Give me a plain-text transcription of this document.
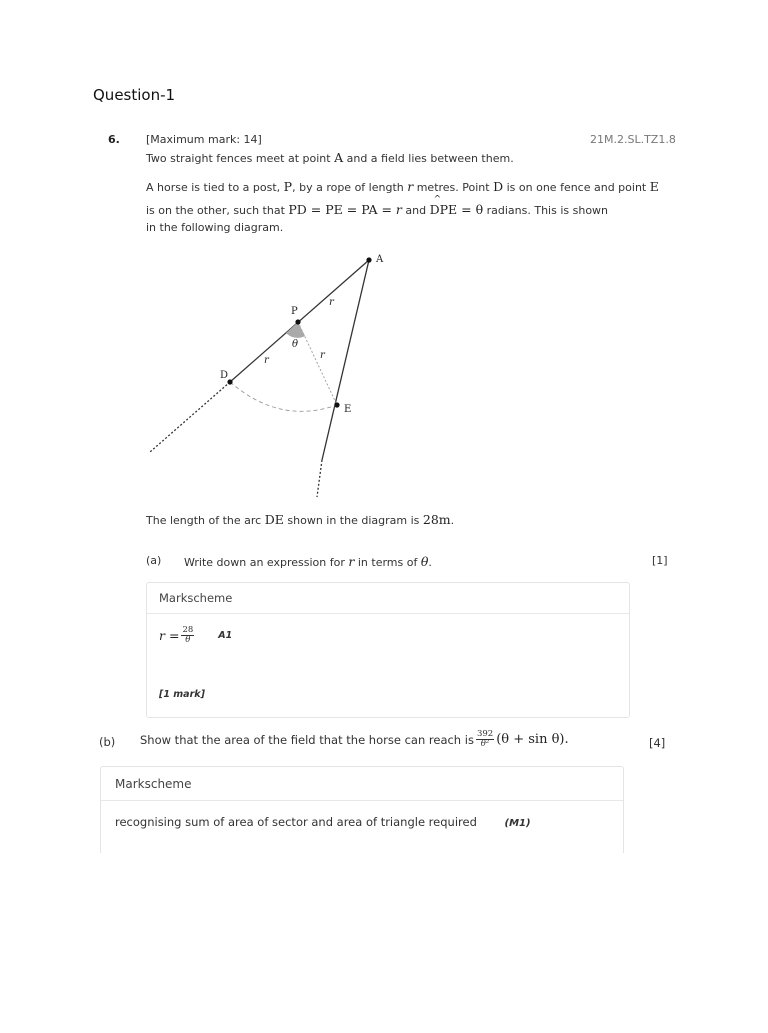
Question-1
6. [Maximum mark: 14]	21M.2.SL.TZ1.8
Two straight fences meet at point A and a field lies between them.
A horse is tied to a post, P, by a rope of length r metres. Point D is on one fence and point E
is on the other, such that PD = PE = PA = r and ^ DPE = θ radians. This is shown
in the following diagram.
A
P
D
E
θ
r
r	r
The length of the arc DE shown in the diagram is 28m.
(a) Write down an expression for r in terms of θ.	[1]
Markscheme
$r = \frac{28}{\theta}$	A1
[1 mark]
(b) Show that the area of the field that the horse can reach is $\frac{392}{\text{θ²}} (\theta + \sin \theta)$.	[4]
Markscheme
recognising sum of area of sector and area of triangle required	(M1)
